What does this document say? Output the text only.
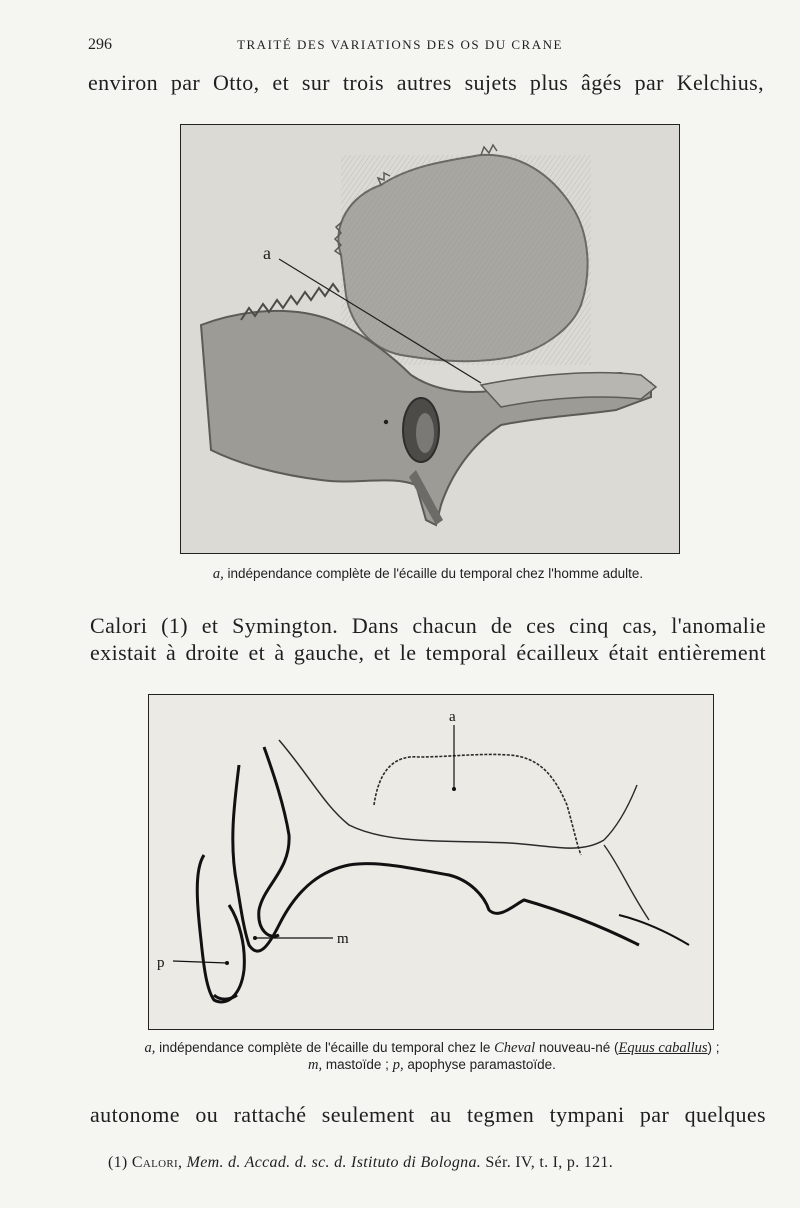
296	TRAITÉ DES VARIATIONS DES OS DU CRANE
environ par Otto, et sur trois autres sujets plus âgés par Kelchius,
a
a, indépendance complète de l'écaille du temporal chez l'homme adulte.
Calori (1) et Symington. Dans chacun de ces cinq cas, l'anomalie
existait à droite et à gauche, et le temporal écailleux était entièrement
a
m
p
a, indépendance complète de l'écaille du temporal chez le Cheval nouveau-né (Equus caballus) ;
m, mastoïde ; p, apophyse paramastoïde.
autonome ou rattaché seulement au tegmen tympani par quelques
(1) Calori, Mem. d. Accad. d. sc. d. Istituto di Bologna. Sér. IV, t. I, p. 121.
